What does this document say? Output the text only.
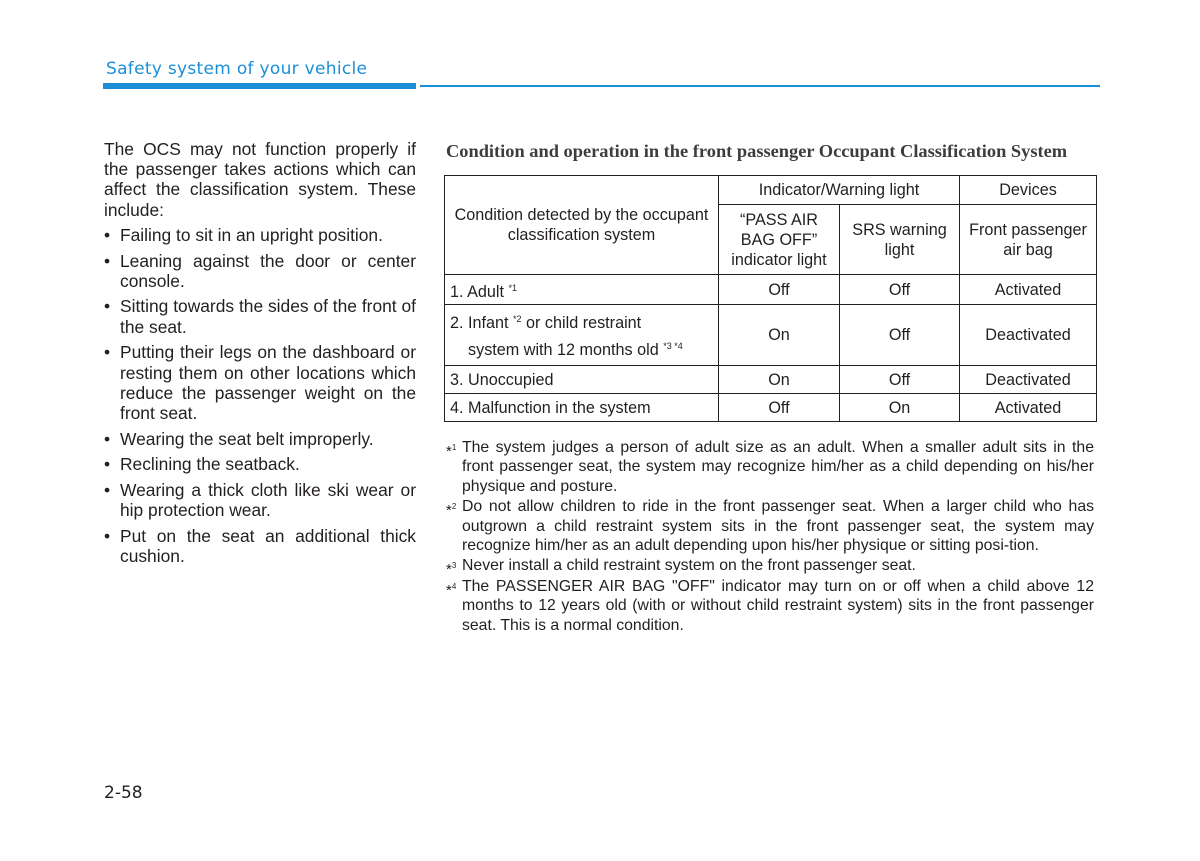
Safety system of your vehicle

The OCS may not function properly if the passenger takes actions which can affect the classification system. These include:

• Failing to sit in an upright position.
• Leaning against the door or center console.
• Sitting towards the sides of the front of the seat.
• Putting their legs on the dashboard or resting them on other locations which reduce the passenger weight on the front seat.
• Wearing the seat belt improperly.
• Reclining the seatback.
• Wearing a thick cloth like ski wear or hip protection wear.
• Put on the seat an additional thick cushion.
Condition and operation in the front passenger Occupant Classification System
Condition detected by the occupant classification system	Indicator/Warning light		Devices
	“PASS AIR BAG OFF” indicator light	SRS warning light	Front passenger air bag
1. Adult $^{*1}$	Off	Off	Activated
2. Infant $^{*2}$ or child restraint
system with 12 months old $^{*3 *4}$	On	Off	Deactivated
3. Unoccupied	On	Off	Deactivated
4. Malfunction in the system	Off	On	Activated
*$^1$ The system judges a person of adult size as an adult. When a smaller adult sits in the front passenger seat, the system may recognize him/her as a child depending on his/her physique and posture.
*$^2$ Do not allow children to ride in the front passenger seat. When a larger child who has outgrown a child restraint system sits in the front passenger seat, the system may recognize him/her as an adult depending upon his/her physique or sitting posi-tion.
*$^3$ Never install a child restraint system on the front passenger seat.
*$^4$ The PASSENGER AIR BAG "OFF" indicator may turn on or off when a child above 12 months to 12 years old (with or without child restraint system) sits in the front passenger seat. This is a normal condition.
2-58
